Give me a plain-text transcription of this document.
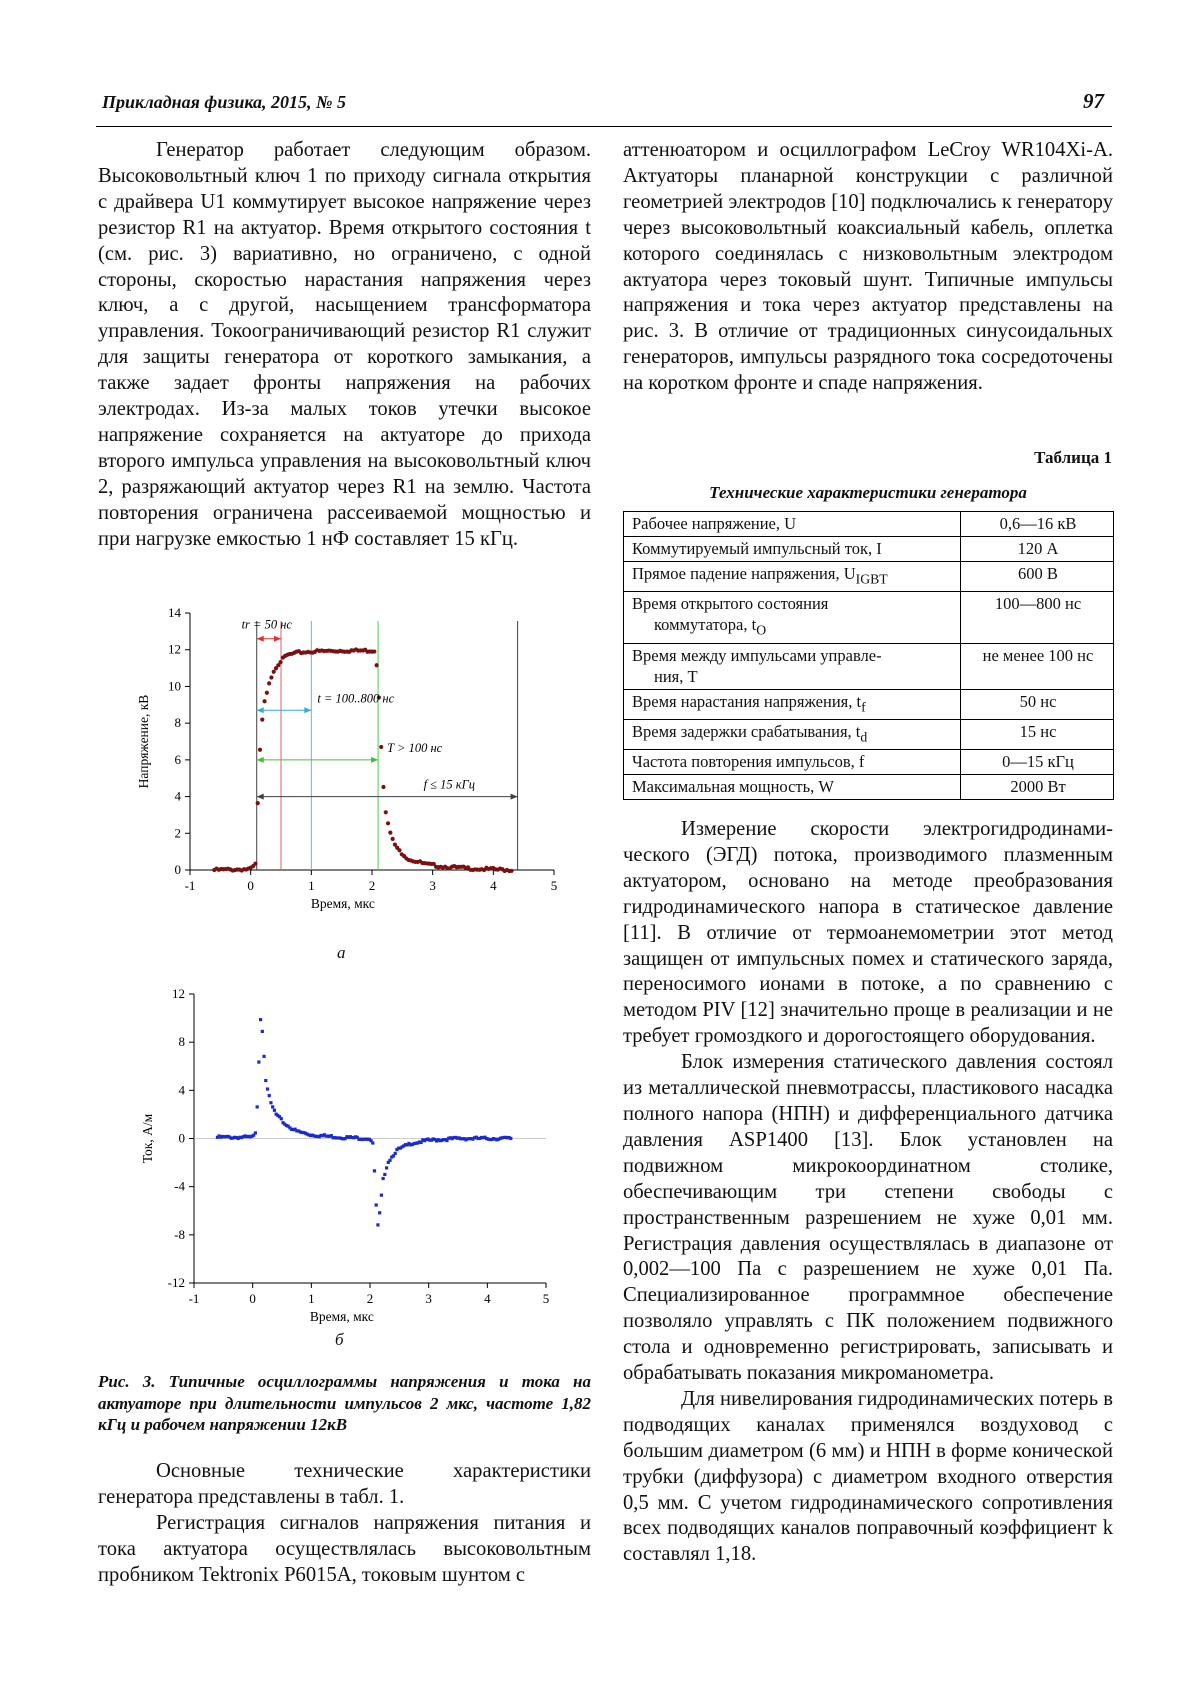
Прикладная физика, 2015, № 5	97

Генератор работает следующим образом. Высоковольтный ключ 1 по приходу сигнала открытия с драйвера U1 коммутирует высокое напряжение через резистор R1 на актуатор. Время открытого состояния t (см. рис. 3) вариативно, но ограничено, с одной стороны, скоростью нарастания напряжения через ключ, а с другой, насыщением трансформатора управления. Токоограничивающий резистор R1 служит для защиты генератора от короткого замыкания, а также задает фронты напряжения на рабочих электродах. Из-за малых токов утечки высокое напряжение сохраняется на актуаторе до прихода второго импульса управления на высоковольтный ключ 2, разряжающий актуатор через R1 на землю. Частота повторения ограничена рассеиваемой мощностью и при нагрузке емкостью 1 нФ составляет 15 кГц.

0
2
4
6
8
10
12
14
-1	0	1	2	3	4	5
Время, мкс
Напряжение, кВ
tr = 50 нс
t = 100..800 нс
T > 100 нс
f ≤ 15 кГц
а
-12
-8
-4
0
4
8
12
-1	0	1	2	3	4	5
Время, мкс
Ток, А/м
б
Рис. 3. Типичные осциллограммы напряжения и тока на актуаторе при длительности импульсов 2 мкс, частоте 1,82 кГц и рабочем напряжении 12кВ

Основные технические характеристики генератора представлены в табл. 1.

Регистрация сигналов напряжения питания и тока актуатора осуществлялась высоковольтным пробником Tektronix P6015A, токовым шунтом с

аттенюатором и осциллографом LeCroy WR104Xi-A. Актуаторы планарной конструкции с различной геометрией электродов [10] подключались к генератору через высоковольтный коаксиальный кабель, оплетка которого соединялась с низковольтным электродом актуатора через токовый шунт. Типичные импульсы напряжения и тока через актуатор представлены на рис. 3. В отличие от традиционных синусоидальных генераторов, импульсы разрядного тока сосредоточены на коротком фронте и спаде напряжения.

Таблица 1
Технические характеристики генератора
Рабочее напряжение, U	0,6—16 кВ

Коммутируемый импульсный ток, I	120 А

Прямое падение напряжения, $U_{IGBT}$	600 В

Время открытого состояния
коммутатора, $t_O$	100—800 нс

Время между импульсами управле-
ния, T	не менее 100 нс

Время нарастания напряжения, $t_f$	50 нс

Время задержки срабатывания, $t_d$	15 нс

Частота повторения импульсов, f	0—15 кГц

Максимальная мощность, W	2000 Вт

Измерение скорости электрогидродинамического (ЭГД) потока, производимого плазменным актуатором, основано на методе преобразования гидродинамического напора в статическое давление [11]. В отличие от термоанемометрии этот метод защищен от импульсных помех и статического заряда, переносимого ионами в потоке, а по сравнению с методом PIV [12] значительно проще в реализации и не требует громоздкого и дорогостоящего оборудования.

Блок измерения статического давления состоял из металлической пневмотрассы, пластикового насадка полного напора (НПН) и дифференциального датчика давления ASP1400 [13]. Блок установлен на подвижном микрокоординатном столике, обеспечивающим три степени свободы с пространственным разрешением не хуже 0,01 мм. Регистрация давления осуществлялась в диапазоне от 0,002—100 Па с разрешением не хуже 0,01 Па. Специализированное программное обеспечение позволяло управлять с ПК положением подвижного стола и одновременно регистрировать, записывать и обрабатывать показания микроманометра.

Для нивелирования гидродинамических потерь в подводящих каналах применялся воздуховод с большим диаметром (6 мм) и НПН в форме конической трубки (диффузора) с диаметром входного отверстия 0,5 мм. С учетом гидродинамического сопротивления всех подводящих каналов поправочный коэффициент k составлял 1,18.
